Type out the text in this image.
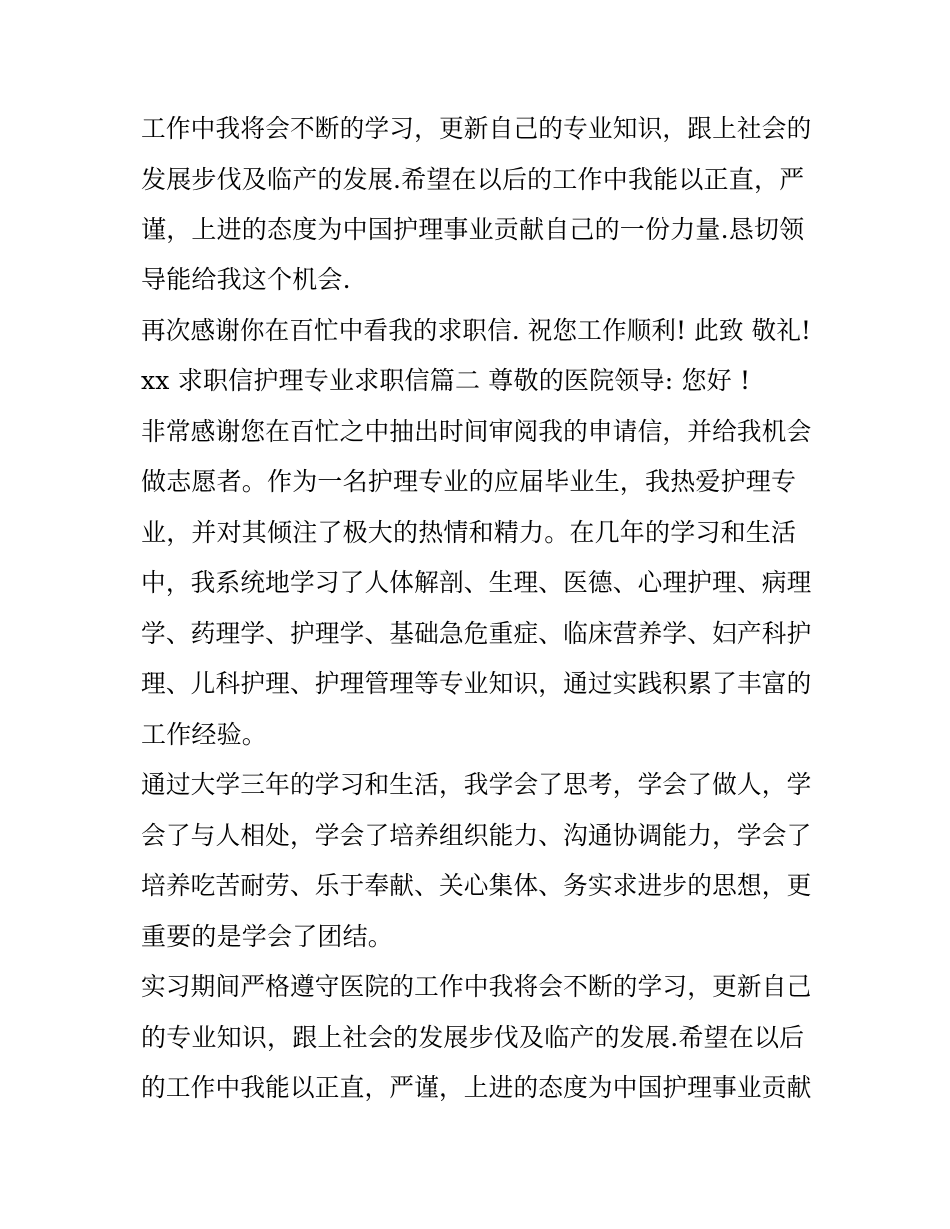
工作中我将会不断的学习，更新自己的专业知识，跟上社会的
发展步伐及临产的发展.希望在以后的工作中我能以正直，严
谨，上进的态度为中国护理事业贡献自己的一份力量.恳切领
导能给我这个机会.
再次感谢你在百忙中看我的求职信. 祝您工作顺利! 此致 敬礼!
xx 求职信护理专业求职信篇二 尊敬的医院领导: 您好 !
非常感谢您在百忙之中抽出时间审阅我的申请信，并给我机会
做志愿者。作为一名护理专业的应届毕业生，我热爱护理专
业，并对其倾注了极大的热情和精力。在几年的学习和生活
中，我系统地学习了人体解剖、生理、医德、心理护理、病理
学、药理学、护理学、基础急危重症、临床营养学、妇产科护
理、儿科护理、护理管理等专业知识，通过实践积累了丰富的
工作经验。
通过大学三年的学习和生活，我学会了思考，学会了做人，学
会了与人相处，学会了培养组织能力、沟通协调能力，学会了
培养吃苦耐劳、乐于奉献、关心集体、务实求进步的思想，更
重要的是学会了团结。
实习期间严格遵守医院的工作中我将会不断的学习，更新自己
的专业知识，跟上社会的发展步伐及临产的发展.希望在以后
的工作中我能以正直，严谨，上进的态度为中国护理事业贡献
